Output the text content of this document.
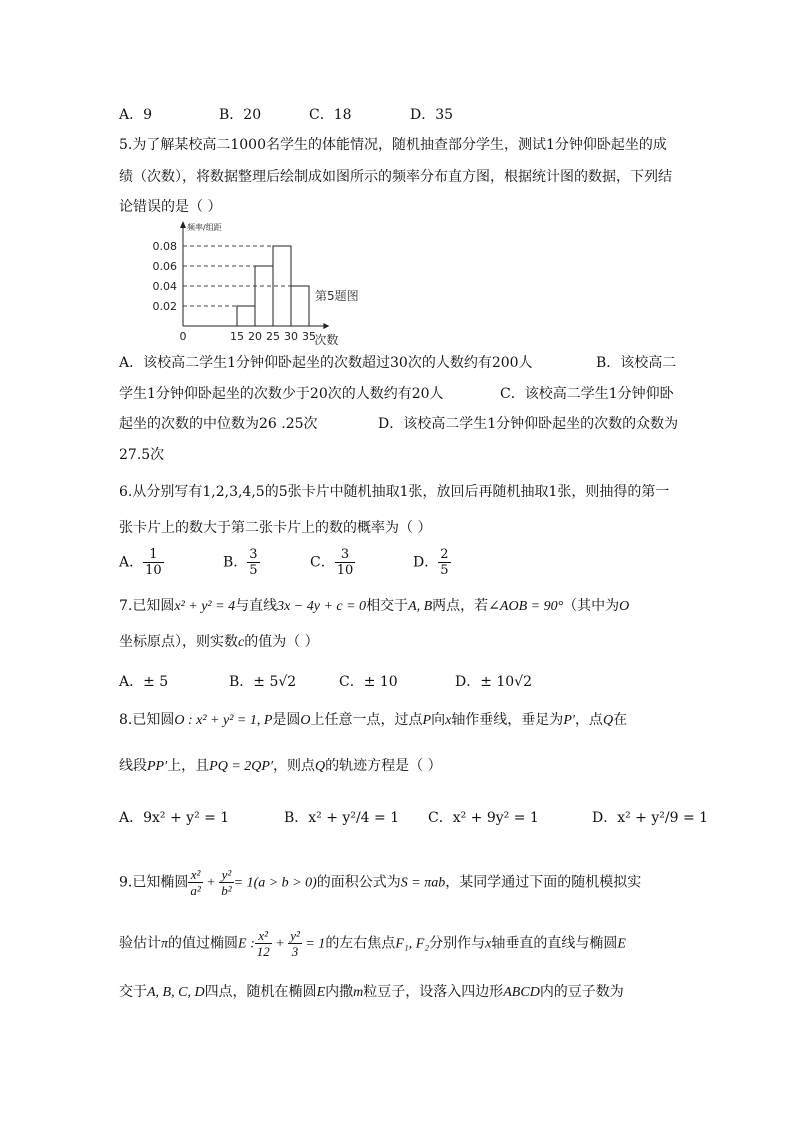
A．9	B．20	C．18	D．35
5.为了解某校高二1000名学生的体能情况，随机抽查部分学生，测试1分钟仰卧起坐的成
绩（次数），将数据整理后绘制成如图所示的频率分布直方图，根据统计图的数据，下列结
论错误的是（ ）
0.02
0.04
0.06
0.08
0	15 20 25 30 35
频率/组距
次数
第5题图
A．该校高二学生1分钟仰卧起坐的次数超过30次的人数约有200人	B．该校高二
学生1分钟仰卧起坐的次数少于20次的人数约有20人	C．该校高二学生1分钟仰卧
起坐的次数的中位数为26 .25次	D．该校高二学生1分钟仰卧起坐的次数的众数为
27.5次
6.从分别写有1,2,3,4,5的5张卡片中随机抽取1张，放回后再随机抽取1张，则抽得的第一
张卡片上的数大于第二张卡片上的数的概率为（ ）
A． $\frac{1}{10}$	B． $\frac{3}{5}$	C． $\frac{3}{10}$	D． $\frac{2}{5}$
7.已知圆x² + y² = 4与直线3x − 4y + c = 0相交于A, B两点，若∠AOB = 90°（其中为O
坐标原点），则实数c的值为（ ）
A．± 5	B．± 5√2	C．± 10	D．± 10√2
8.已知圆O : x² + y² = 1, P是圆O上任意一点，过点P向x轴作垂线，垂足为P′，点Q在
线段PP′上，且PQ = 2QP′，则点Q的轨迹方程是（ ）
A．9x² + y² = 1	B．x² + y²/4 = 1 C．x² + 9y² = 1	D．x² + y²/9 = 1
9.已知椭圆 $\frac{\text{x²}}{\text{a²}} + \frac{\text{y²}}{\text{b²}} = 1(a > b > 0)$的面积公式为S = πab，某同学通过下面的随机模拟实
验估计π的值过椭圆E : $\frac{\text{x²}}{12} + \frac{\text{y²}}{3} = 1$的左右焦点F₁, F₂分别作与x轴垂直的直线与椭圆E
交于A, B, C, D四点，随机在椭圆E内撒m粒豆子，设落入四边形ABCD内的豆子数为
